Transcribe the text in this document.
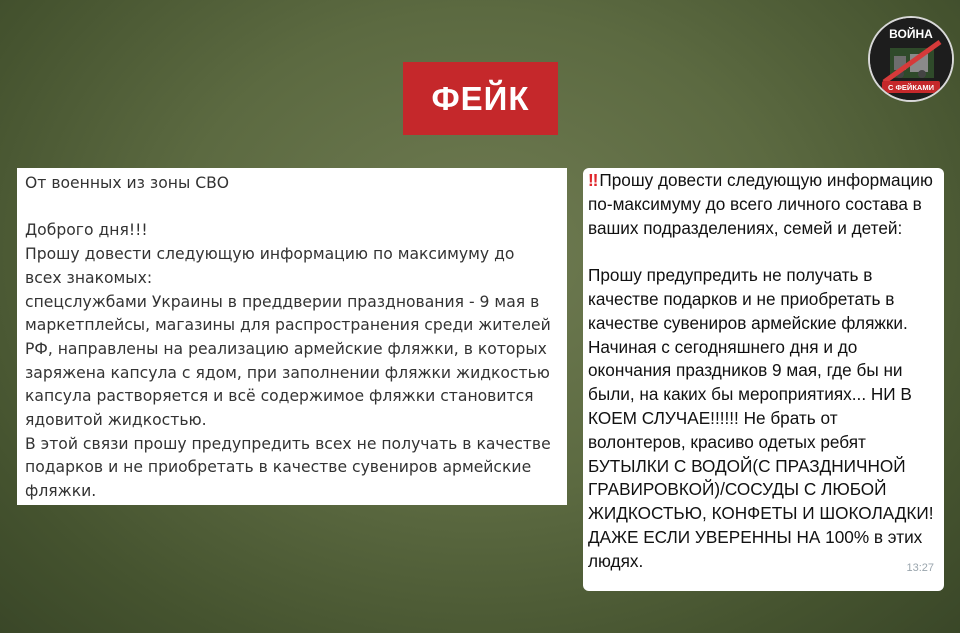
ФЕЙК
ВОЙНА
С ФЕЙКАМИ

От военных из зоны СВО

Доброго дня!!!

Прошу довести следующую информацию по максимуму до всех знакомых:

спецслужбами Украины в преддверии празднования - 9 мая в маркетплейсы, магазины для распространения среди жителей РФ, направлены на реализацию армейские фляжки, в которых заряжена капсула с ядом, при заполнении фляжки жидкостью капсула растворяется и всё содержимое фляжки становится ядовитой жидкостью.

В этой связи прошу предупредить всех не получать в качестве подарков и не приобретать в качестве сувениров армейские фляжки.

‼ Прошу довести следующую информацию по-максимуму до всего личного состава в ваших подразделениях, семей и детей:

Прошу предупредить не получать в качестве подарков и не приобретать в качестве сувениров армейские фляжки. Начиная с сегодняшнего дня и до окончания праздников 9 мая, где бы ни были, на каких бы мероприятиях... НИ В КОЕМ СЛУЧАЕ!!!!!! Не брать от волонтеров, красиво одетых ребят БУТЫЛКИ С ВОДОЙ(С ПРАЗДНИЧНОЙ ГРАВИРОВКОЙ)/СОСУДЫ С ЛЮБОЙ ЖИДКОСТЬЮ, КОНФЕТЫ И ШОКОЛАДКИ! ДАЖЕ ЕСЛИ УВЕРЕННЫ НА 100% в этих людях.	13:27
